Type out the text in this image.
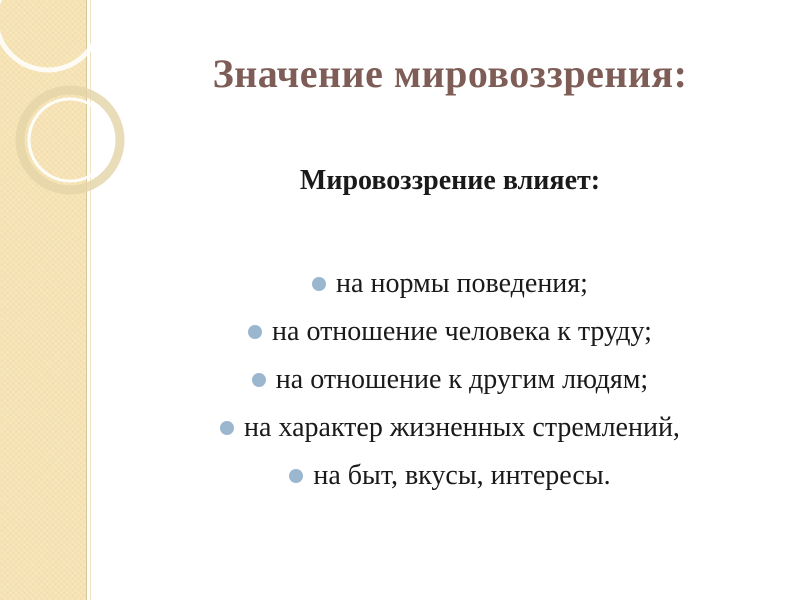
Значение мировоззрения:
Мировоззрение влияет:
на нормы поведения;
на отношение человека к труду;
на отношение к другим людям;
на характер жизненных стремлений,
на быт, вкусы, интересы.
